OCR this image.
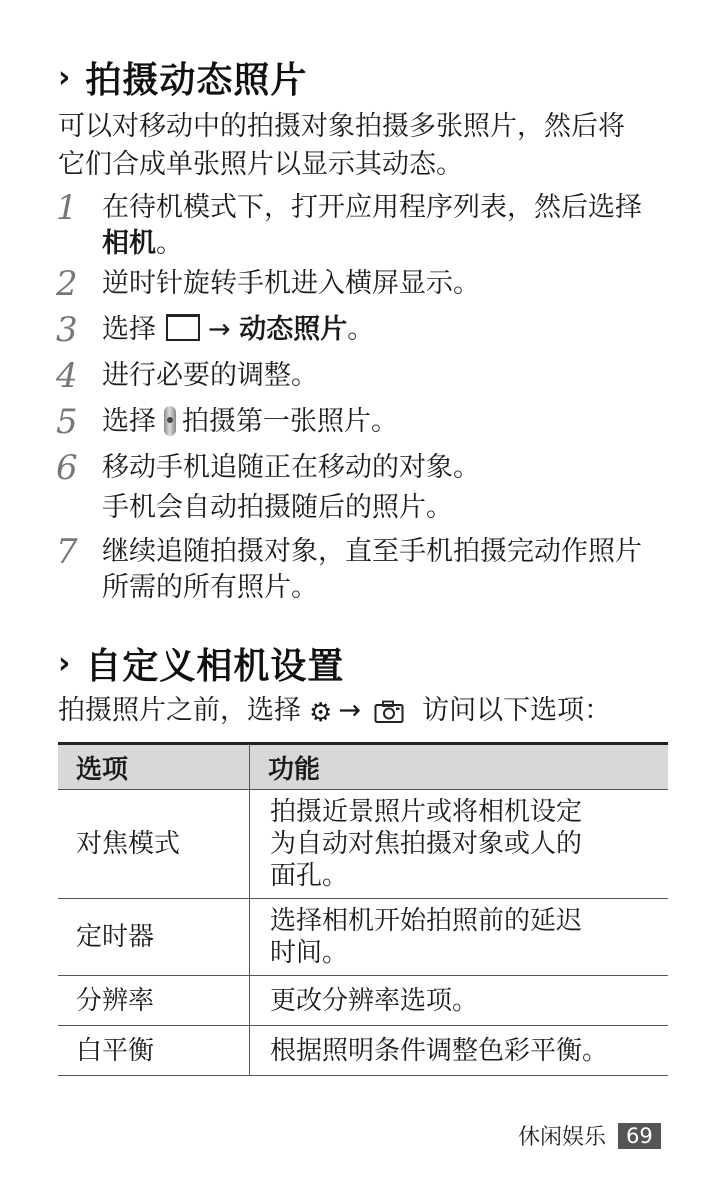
› 拍摄动态照片
可以对移动中的拍摄对象拍摄多张照片，然后将
它们合成单张照片以显示其动态。
1 在待机模式下，打开应用程序列表，然后选择
相机。
2 逆时针旋转手机进入横屏显示。
3 选择 → 动态照片。
4 进行必要的调整。
5 选择 拍摄第一张照片。
6 移动手机追随正在移动的对象。
手机会自动拍摄随后的照片。
7 继续追随拍摄对象，直至手机拍摄完动作照片
所需的所有照片。
› 自定义相机设置
拍摄照片之前，选择 ⚙ → 访问以下选项：
选项	功能
对焦模式	拍摄近景照片或将相机设定
为自动对焦拍摄对象或人的
面孔。

定时器	选择相机开始拍照前的延迟
时间。

分辨率	更改分辨率选项。

白平衡	根据照明条件调整色彩平衡。
休闲娱乐 69
